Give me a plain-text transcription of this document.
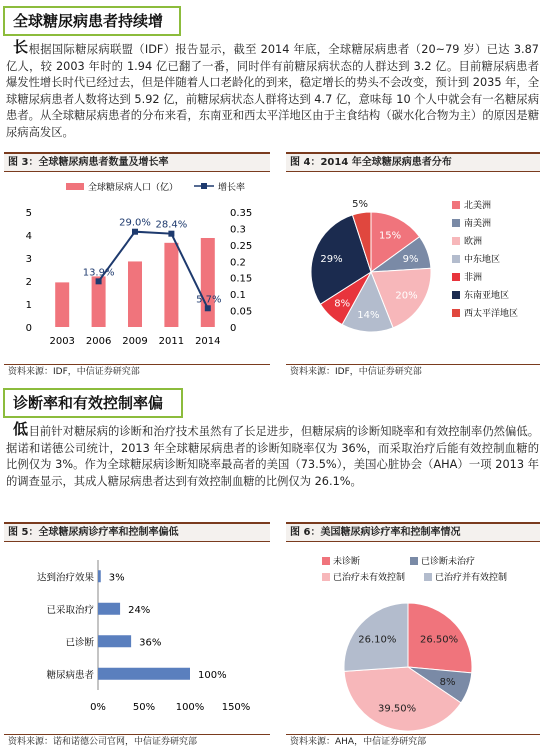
全球糖尿病患者持续增长 根据国际糖尿病联盟（IDF）报告显示，截至 2014 年底，全球糖尿病患者（20~79 岁）已达 3.87 亿人，较 2003 年时的 1.94 亿已翻了一番，同时伴有前糖尿病状态的人群达到 3.2 亿。目前糖尿病患者爆发性增长时代已经过去，但是伴随着人口老龄化的到来，稳定增长的势头不会改变，预计到 2035 年，全球糖尿病患者人数将达到 5.92 亿，前糖尿病状态人群将达到 4.7 亿，意味每 10 个人中就会有一名糖尿病患者。从全球糖尿病患者的分布来看，东南亚和西太平洋地区由于主食结构（碳水化合物为主）的原因是糖尿病高发区。

图 3：全球糖尿病患者数量及增长率
全球糖尿病人口（亿）	增长率
0
1
2
3
4
5
0
0.05
0.1
0.15
0.2
0.25
0.3
0.35
2003 2006 2009 2011 2014
13.9%
29.0% 28.4%
5.7%
资料来源：IDF，中信证券研究部
图 4：2014 年全球糖尿病患者分布
15%
9%
20%
14%
8%
29%
5%	北美洲
南美洲
欧洲
中东地区
非洲
东南亚地区
西太平洋地区
资料来源：IDF，中信证券研究部
诊断率和有效控制率偏低 目前针对糖尿病的诊断和治疗技术虽然有了长足进步，但糖尿病的诊断知晓率和有效控制率仍然偏低。据诺和诺德公司统计，2013 年全球糖尿病患者的诊断知晓率仅为 36%，而采取治疗后能有效控制血糖的比例仅为 3%。作为全球糖尿病诊断知晓率最高者的美国（73.5%），美国心脏协会（AHA）一项 2013 年的调查显示，其成人糖尿病患者达到有效控制血糖的比例仅为 26.1%。

图 5：全球糖尿病诊疗率和控制率偏低
糖尿病患者	100%
已诊断	36%
已采取治疗	24%
达到治疗效果 3%
0%	50% 100% 150%
资料来源：诺和诺德公司官网，中信证券研究部
图 6：美国糖尿病诊疗率和控制率情况
未诊断	已诊断未治疗
已治疗未有效控制	已治疗并有效控制
26.50%
8%
39.50%
26.10%
资料来源：AHA，中信证券研究部
